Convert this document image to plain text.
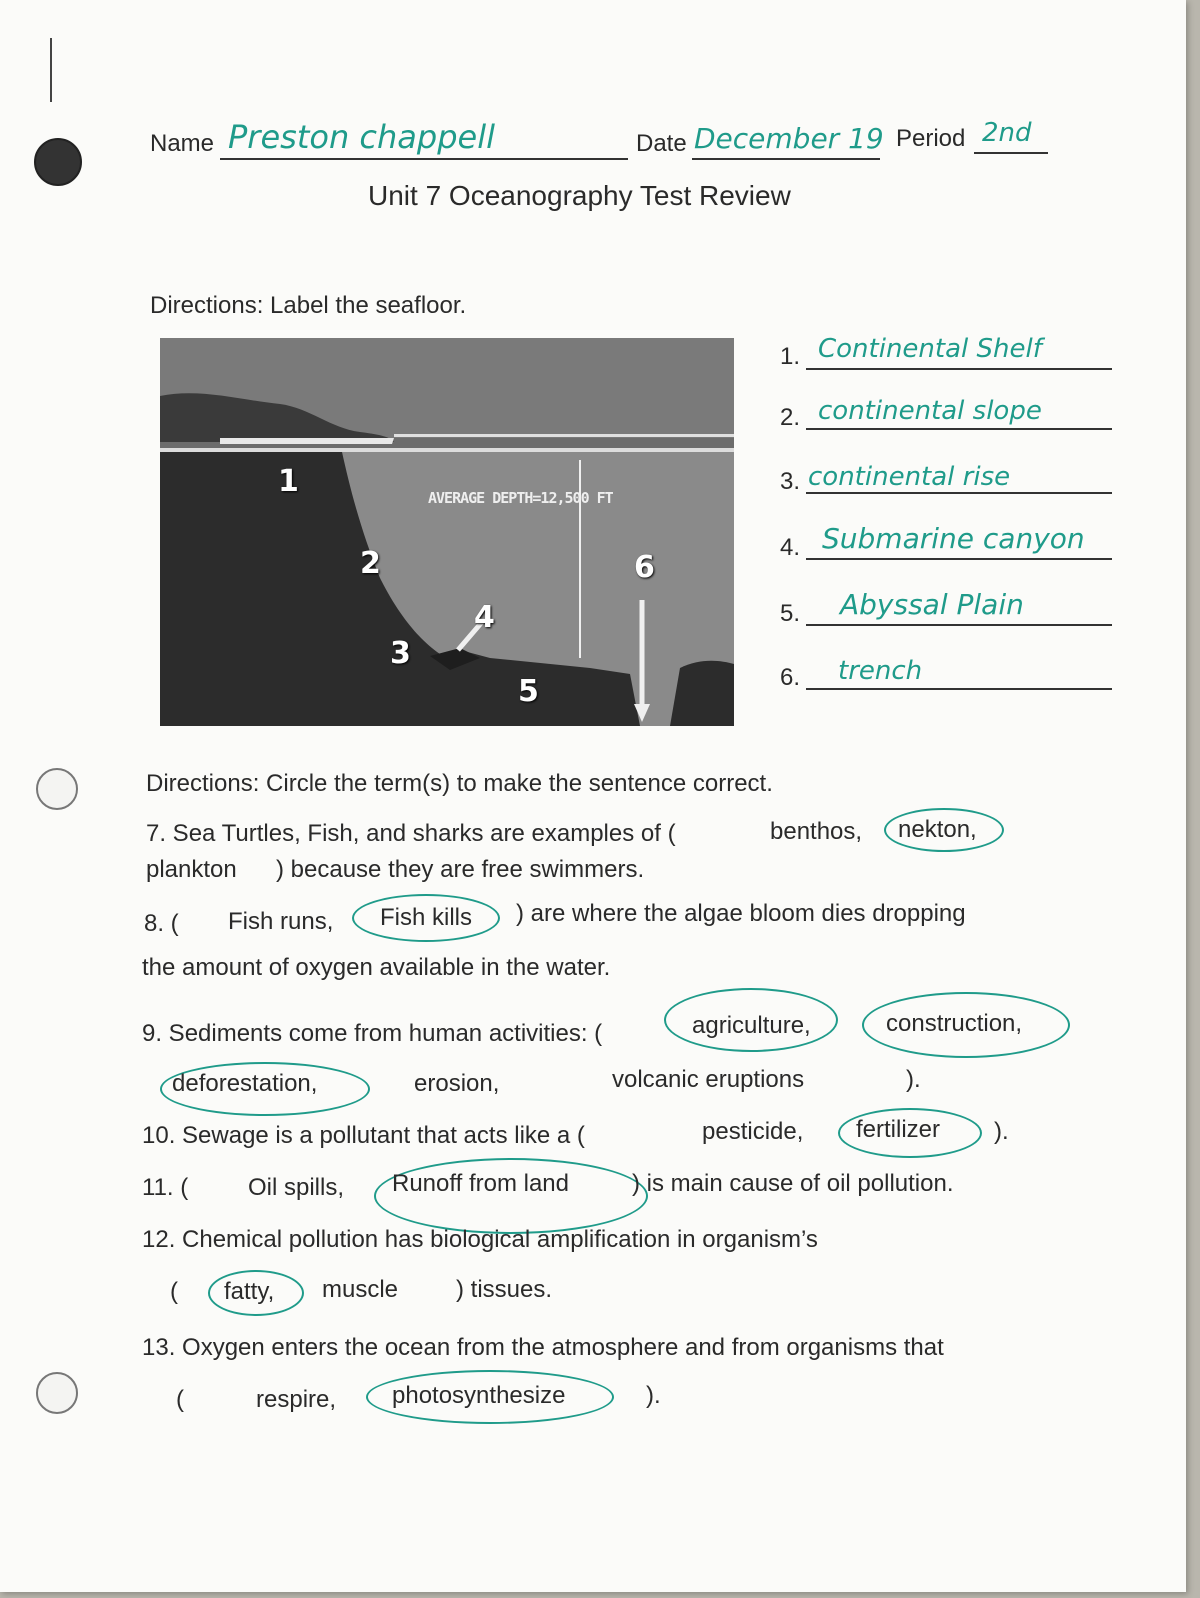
Name Preston chappell	Date December 19 Period 2nd
Unit 7 Oceanography Test Review
Directions: Label the seafloor.
AVERAGE DEPTH=12,500 FT
1
2
3
4
5
6
1. Continental Shelf
2. continental slope
3. continental rise
4. Submarine canyon
5. Abyssal Plain
6. trench
Directions: Circle the term(s) to make the sentence correct.
7. Sea Turtles, Fish, and sharks are examples of (	benthos, nekton,
plankton ) because they are free swimmers.
8. ( Fish runs, Fish kills ) are where the algae bloom dies dropping
the amount of oxygen available in the water.
9. Sediments come from human activities: (	agriculture,	construction,
deforestation,	erosion,	volcanic eruptions	).
10. Sewage is a pollutant that acts like a (	pesticide, fertilizer ).
11. ( Oil spills, Runoff from land	) is main cause of oil pollution.
12. Chemical pollution has biological amplification in organism’s
( fatty, muscle ) tissues.
13. Oxygen enters the ocean from the atmosphere and from organisms that
(	respire, photosynthesize	).
